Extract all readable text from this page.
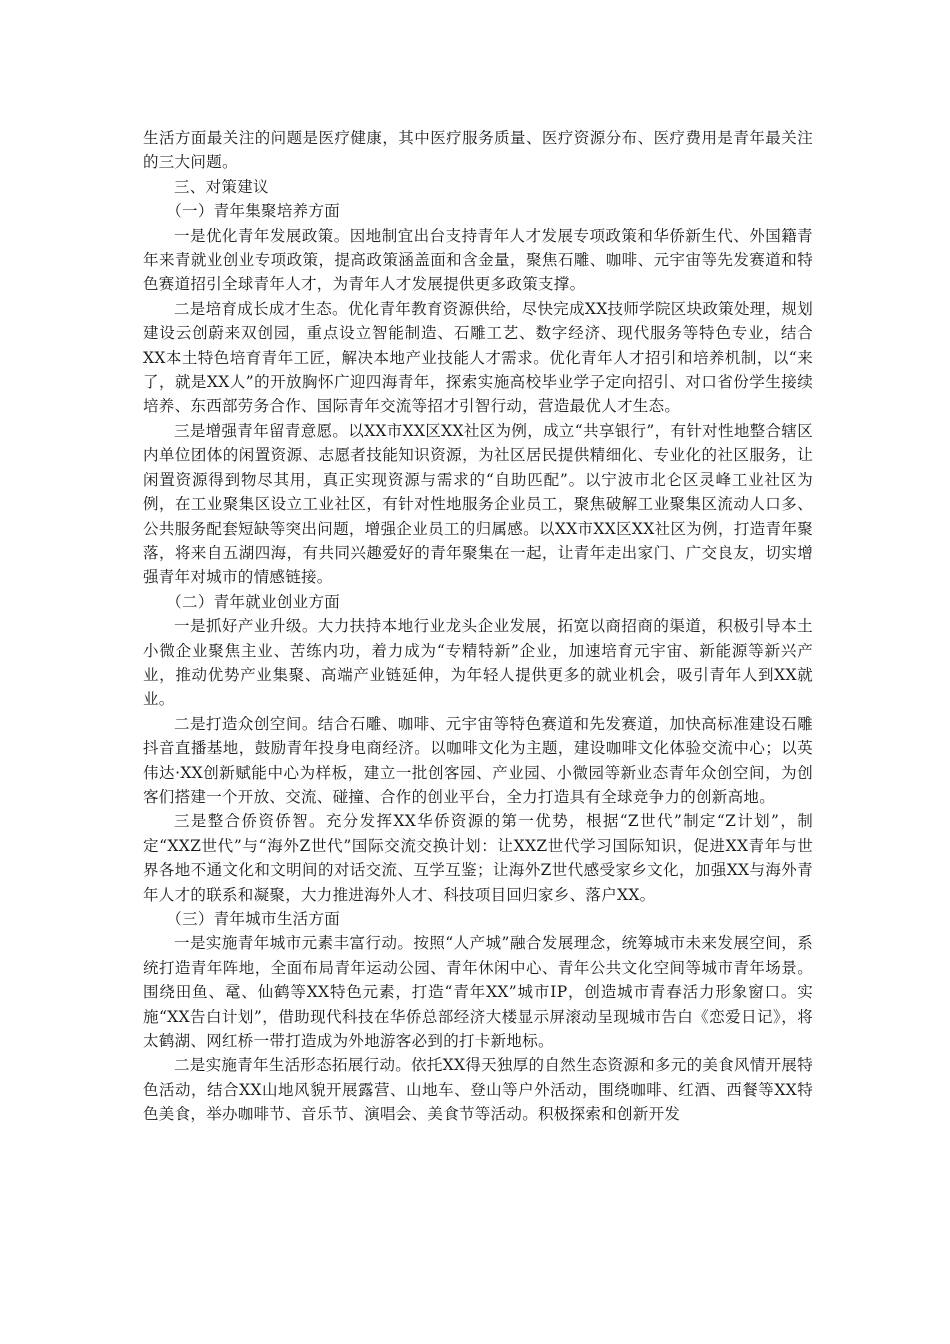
生活方面最关注的问题是医疗健康，其中医疗服务质量、医疗资源分布、医疗费用是青年最关注的三大问题。

三、对策建议

（一）青年集聚培养方面

一是优化青年发展政策。因地制宜出台支持青年人才发展专项政策和华侨新生代、外国籍青年来青就业创业专项政策，提高政策涵盖面和含金量，聚焦石雕、咖啡、元宇宙等先发赛道和特色赛道招引全球青年人才，为青年人才发展提供更多政策支撑。

二是培育成长成才生态。优化青年教育资源供给，尽快完成XX技师学院区块政策处理，规划建设云创蔚来双创园，重点设立智能制造、石雕工艺、数字经济、现代服务等特色专业，结合XX本土特色培育青年工匠，解决本地产业技能人才需求。优化青年人才招引和培养机制，以“来了，就是XX人”的开放胸怀广迎四海青年，探索实施高校毕业学子定向招引、对口省份学生接续培养、东西部劳务合作、国际青年交流等招才引智行动，营造最优人才生态。

三是增强青年留青意愿。以XX市XX区XX社区为例，成立“共享银行”，有针对性地整合辖区内单位团体的闲置资源、志愿者技能知识资源，为社区居民提供精细化、专业化的社区服务，让闲置资源得到物尽其用，真正实现资源与需求的“自助匹配”。以宁波市北仑区灵峰工业社区为例，在工业聚集区设立工业社区，有针对性地服务企业员工，聚焦破解工业聚集区流动人口多、公共服务配套短缺等突出问题，增强企业员工的归属感。以XX市XX区XX社区为例，打造青年聚落，将来自五湖四海，有共同兴趣爱好的青年聚集在一起，让青年走出家门、广交良友，切实增强青年对城市的情感链接。

（二）青年就业创业方面

一是抓好产业升级。大力扶持本地行业龙头企业发展，拓宽以商招商的渠道，积极引导本土小微企业聚焦主业、苦练内功，着力成为“专精特新”企业，加速培育元宇宙、新能源等新兴产业，推动优势产业集聚、高端产业链延伸，为年轻人提供更多的就业机会，吸引青年人到XX就业。

二是打造众创空间。结合石雕、咖啡、元宇宙等特色赛道和先发赛道，加快高标准建设石雕抖音直播基地，鼓励青年投身电商经济。以咖啡文化为主题，建设咖啡文化体验交流中心；以英伟达·XX创新赋能中心为样板，建立一批创客园、产业园、小微园等新业态青年众创空间，为创客们搭建一个开放、交流、碰撞、合作的创业平台，全力打造具有全球竞争力的创新高地。

三是整合侨资侨智。充分发挥XX华侨资源的第一优势，根据“Z世代”制定“Z计划”，制定“XXZ世代”与“海外Z世代”国际交流交换计划：让XXZ世代学习国际知识，促进XX青年与世界各地不通文化和文明间的对话交流、互学互鉴；让海外Z世代感受家乡文化，加强XX与海外青年人才的联系和凝聚，大力推进海外人才、科技项目回归家乡、落户XX。

（三）青年城市生活方面

一是实施青年城市元素丰富行动。按照“人产城”融合发展理念，统筹城市未来发展空间，系统打造青年阵地，全面布局青年运动公园、青年休闲中心、青年公共文化空间等城市青年场景。围绕田鱼、鼋、仙鹤等XX特色元素，打造“青年XX”城市IP，创造城市青春活力形象窗口。实施“XX告白计划”，借助现代科技在华侨总部经济大楼显示屏滚动呈现城市告白《恋爱日记》，将太鹤湖、网红桥一带打造成为外地游客必到的打卡新地标。

二是实施青年生活形态拓展行动。依托XX得天独厚的自然生态资源和多元的美食风情开展特色活动，结合XX山地风貌开展露营、山地车、登山等户外活动，围绕咖啡、红酒、西餐等XX特色美食，举办咖啡节、音乐节、演唱会、美食节等活动。积极探索和创新开发
